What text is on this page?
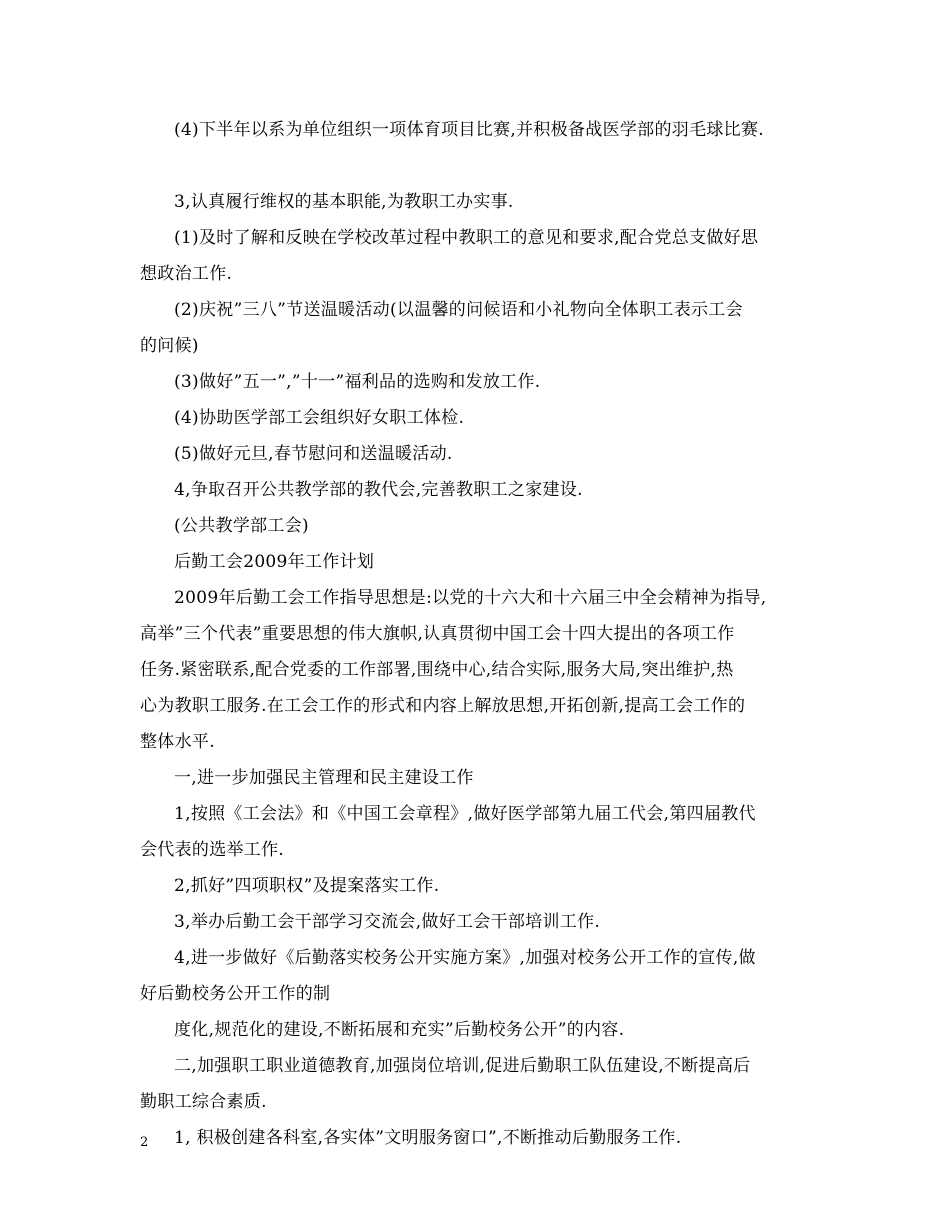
(4)下半年以系为单位组织一项体育项目比赛,并积极备战医学部的羽毛球比赛.
3,认真履行维权的基本职能,为教职工办实事.
(1)及时了解和反映在学校改革过程中教职工的意见和要求,配合党总支做好思
想政治工作.
(2)庆祝”三八”节送温暖活动(以温馨的问候语和小礼物向全体职工表示工会
的问候)
(3)做好”五一”,”十一”福利品的选购和发放工作.
(4)协助医学部工会组织好女职工体检.
(5)做好元旦,春节慰问和送温暖活动.
4,争取召开公共教学部的教代会,完善教职工之家建设.
(公共教学部工会)
后勤工会2009年工作计划
2009年后勤工会工作指导思想是:以党的十六大和十六届三中全会精神为指导,
高举”三个代表”重要思想的伟大旗帜,认真贯彻中国工会十四大提出的各项工作
任务.紧密联系,配合党委的工作部署,围绕中心,结合实际,服务大局,突出维护,热
心为教职工服务.在工会工作的形式和内容上解放思想,开拓创新,提高工会工作的
整体水平.
一,进一步加强民主管理和民主建设工作
1,按照《工会法》和《中国工会章程》,做好医学部第九届工代会,第四届教代
会代表的选举工作.
2,抓好”四项职权”及提案落实工作.
3,举办后勤工会干部学习交流会,做好工会干部培训工作.
4,进一步做好《后勤落实校务公开实施方案》,加强对校务公开工作的宣传,做
好后勤校务公开工作的制
度化,规范化的建设,不断拓展和充实”后勤校务公开”的内容.
二,加强职工职业道德教育,加强岗位培训,促进后勤职工队伍建设,不断提高后
勤职工综合素质.
1, 积极创建各科室,各实体”文明服务窗口”,不断推动后勤服务工作.
2
